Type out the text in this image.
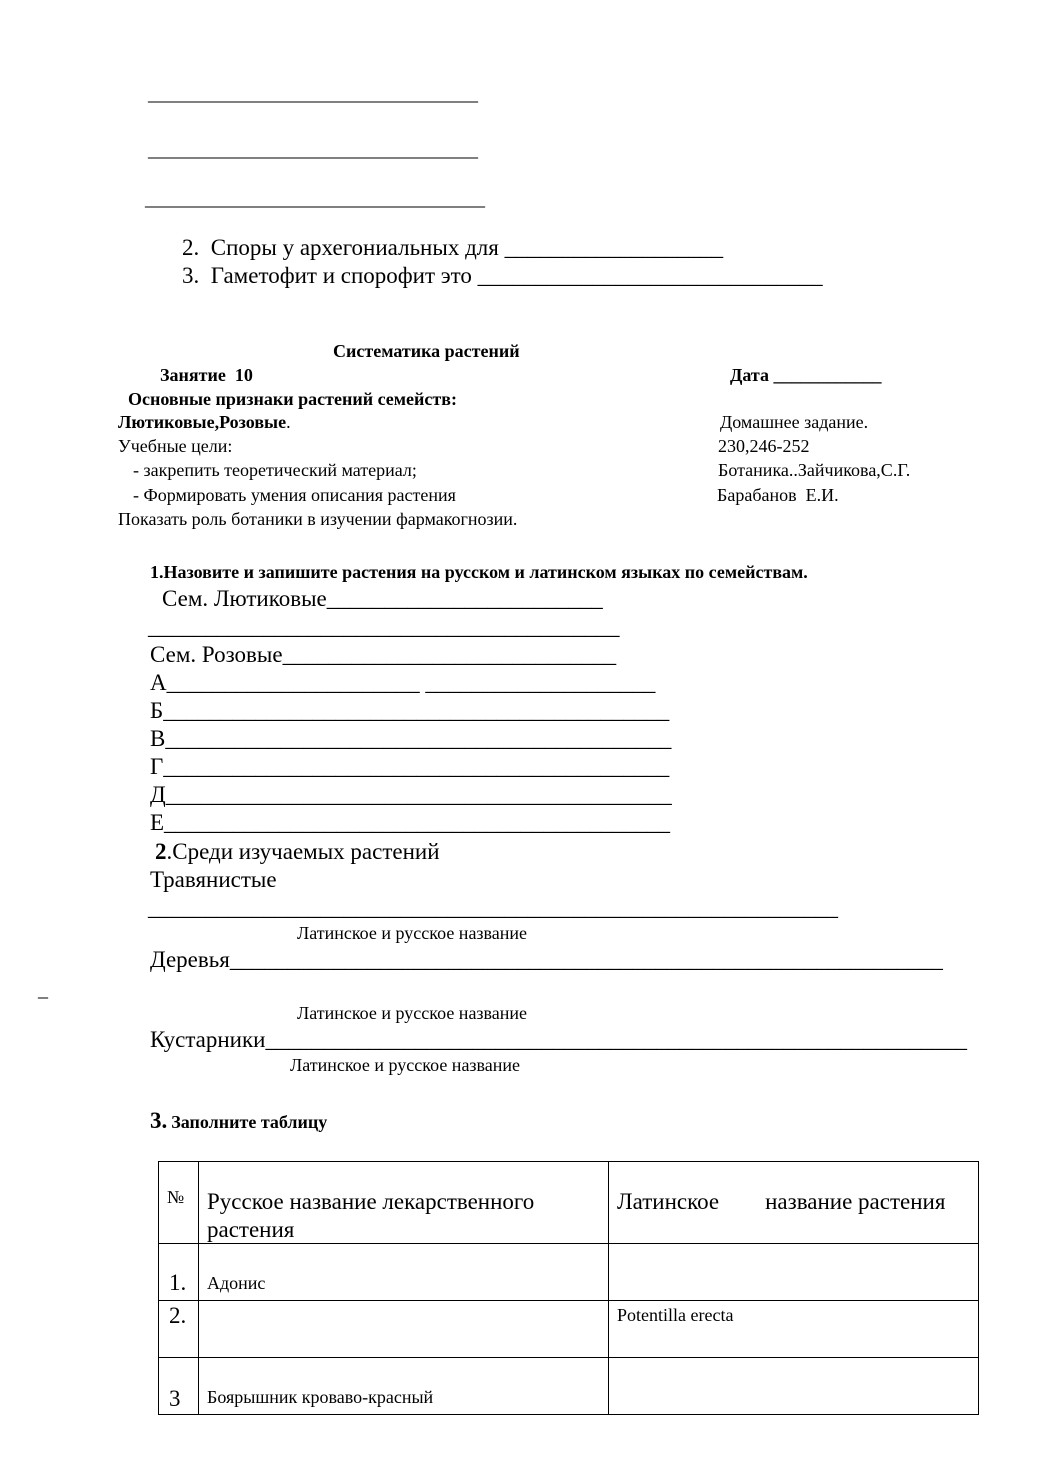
_________________________________
_________________________________
__________________________________
2. Споры у архегониальных для ___________________
3. Гаметофит и спорофит это ______________________________
Систематика растений
Занятие  10	Дата ____________
Основные признаки растений семейств:
Лютиковые,Розовые.	Домашнее задание.
Учебные цели:	230,246-252
- закрепить теоретический материал;	Ботаника..Зайчикова,С.Г.
- Формировать умения описания растения	Барабанов  Е.И.
Показать роль ботаники в изучении фармакогнозии.
1.Назовите и запишите растения на русском и латинском языках по семействам.
Сем. Лютиковые________________________
_________________________________________
Сем. Розовые_____________________________
А______________________ ____________________
Б____________________________________________
В____________________________________________
Г____________________________________________
Д____________________________________________
Е____________________________________________
2.Среди изучаемых растений
Травянистые
____________________________________________________________
Латинское и русское название
Деревья______________________________________________________________
_
Латинское и русское название
Кустарники_____________________________________________________________
Латинское и русское название
3. Заполните таблицу
№	Русское название лекарственного растения	Латинское        название растения

1.	Адонис	

2.		Potentilla erecta

3	Боярышник кроваво-красный	
